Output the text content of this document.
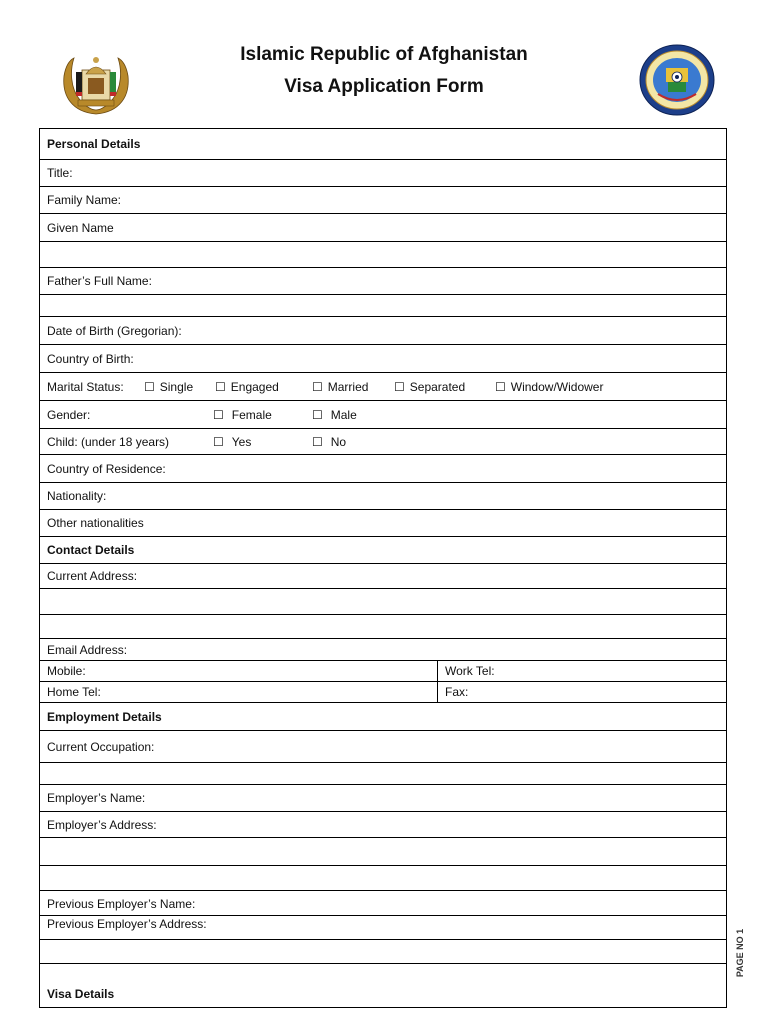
Islamic Republic of Afghanistan
Visa Application Form
Personal Details
Title:
Family Name:
Given Name
Father’s Full Name:
Date of Birth (Gregorian):
Country of Birth:
Marital Status: ☐ Single ☐ Engaged	☐ Married ☐ Separated ☐ Window/Widower
Gender:	☐ Female	☐ Male
Child: (under 18 years)	☐ Yes	☐ No
Country of Residence:
Nationality:
Other nationalities
Contact Details
Current Address:
Email Address:
Mobile:	Work Tel:
Home Tel:	Fax:
Employment Details
Current Occupation:
Employer’s Name:
Employer’s Address:
Previous Employer’s Name:
Previous Employer’s Address:
Visa Details
PAGE NO 1
